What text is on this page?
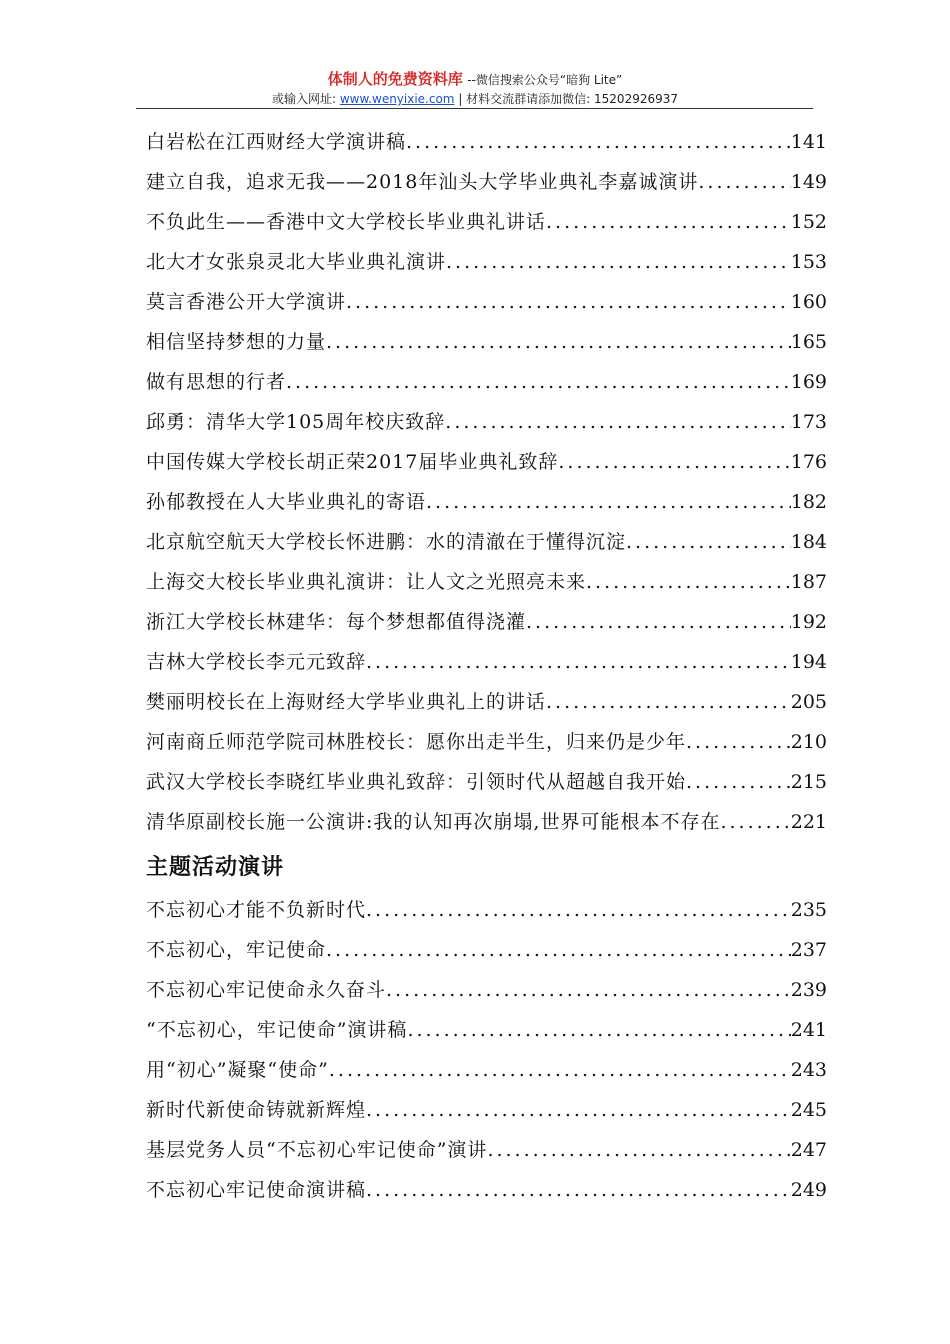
体制人的免费资料库 --微信搜索公众号“暗狗 Lite”
或输入网址: www.wenyixie.com | 材料交流群请添加微信: 15202926937
白岩松在江西财经大学演讲稿 .....	141
建立自我，追求无我——2018年汕头大学毕业典礼李嘉诚演讲 .....	149
不负此生——香港中文大学校长毕业典礼讲话 .....	152
北大才女张泉灵北大毕业典礼演讲 .....	153
莫言香港公开大学演讲 .....	160
相信坚持梦想的力量 .....	165
做有思想的行者 .....	169
邱勇：清华大学105周年校庆致辞 .....	173
中国传媒大学校长胡正荣2017届毕业典礼致辞 .....	176
孙郁教授在人大毕业典礼的寄语 .....	182
北京航空航天大学校长怀进鹏：水的清澈在于懂得沉淀 .....	184
上海交大校长毕业典礼演讲：让人文之光照亮未来 .....	187
浙江大学校长林建华：每个梦想都值得浇灌 .....	192
吉林大学校长李元元致辞 .....	194
樊丽明校长在上海财经大学毕业典礼上的讲话 .....	205
河南商丘师范学院司林胜校长：愿你出走半生，归来仍是少年 .....	210
武汉大学校长李晓红毕业典礼致辞：引领时代从超越自我开始 .....	215
清华原副校长施一公演讲:我的认知再次崩塌,世界可能根本不存在 .....	221
主题活动演讲
不忘初心才能不负新时代 .....	235
不忘初心，牢记使命 .....	237
不忘初心牢记使命永久奋斗 .....	239
“不忘初心，牢记使命”演讲稿 .....	241
用“初心”凝聚“使命” .....	243
新时代新使命铸就新辉煌 .....	245
基层党务人员“不忘初心牢记使命”演讲 .....	247
不忘初心牢记使命演讲稿 .....	249
